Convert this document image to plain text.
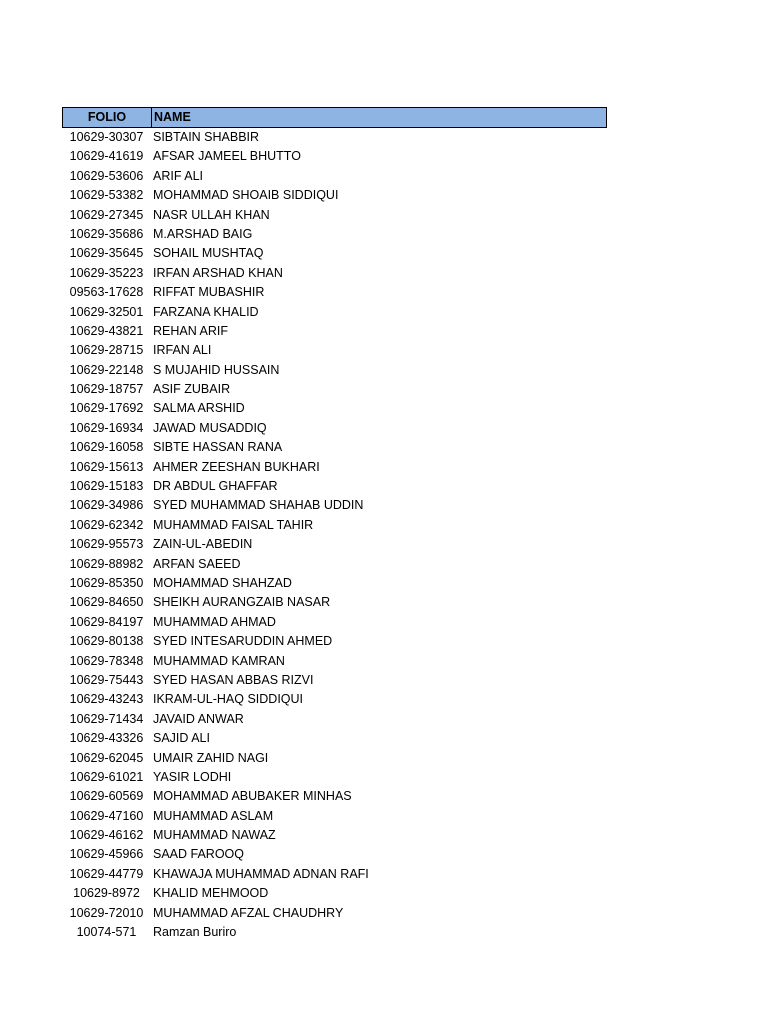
FOLIO	NAME
10629-30307 SIBTAIN SHABBIR
10629-41619 AFSAR JAMEEL BHUTTO
10629-53606 ARIF ALI
10629-53382 MOHAMMAD SHOAIB SIDDIQUI
10629-27345 NASR ULLAH KHAN
10629-35686 M.ARSHAD BAIG
10629-35645 SOHAIL MUSHTAQ
10629-35223 IRFAN ARSHAD KHAN
09563-17628 RIFFAT MUBASHIR
10629-32501 FARZANA KHALID
10629-43821 REHAN ARIF
10629-28715 IRFAN ALI
10629-22148 S MUJAHID HUSSAIN
10629-18757 ASIF ZUBAIR
10629-17692 SALMA ARSHID
10629-16934 JAWAD MUSADDIQ
10629-16058 SIBTE HASSAN RANA
10629-15613 AHMER ZEESHAN BUKHARI
10629-15183 DR ABDUL GHAFFAR
10629-34986 SYED MUHAMMAD SHAHAB UDDIN
10629-62342 MUHAMMAD FAISAL TAHIR
10629-95573 ZAIN-UL-ABEDIN
10629-88982 ARFAN SAEED
10629-85350 MOHAMMAD SHAHZAD
10629-84650 SHEIKH AURANGZAIB NASAR
10629-84197 MUHAMMAD AHMAD
10629-80138 SYED INTESARUDDIN AHMED
10629-78348 MUHAMMAD KAMRAN
10629-75443 SYED HASAN ABBAS RIZVI
10629-43243 IKRAM-UL-HAQ SIDDIQUI
10629-71434 JAVAID ANWAR
10629-43326 SAJID ALI
10629-62045 UMAIR ZAHID NAGI
10629-61021 YASIR LODHI
10629-60569 MOHAMMAD ABUBAKER MINHAS
10629-47160 MUHAMMAD ASLAM
10629-46162 MUHAMMAD NAWAZ
10629-45966 SAAD FAROOQ
10629-44779 KHAWAJA MUHAMMAD ADNAN RAFI
10629-8972	KHALID MEHMOOD
10629-72010 MUHAMMAD AFZAL CHAUDHRY
10074-571	Ramzan Buriro
